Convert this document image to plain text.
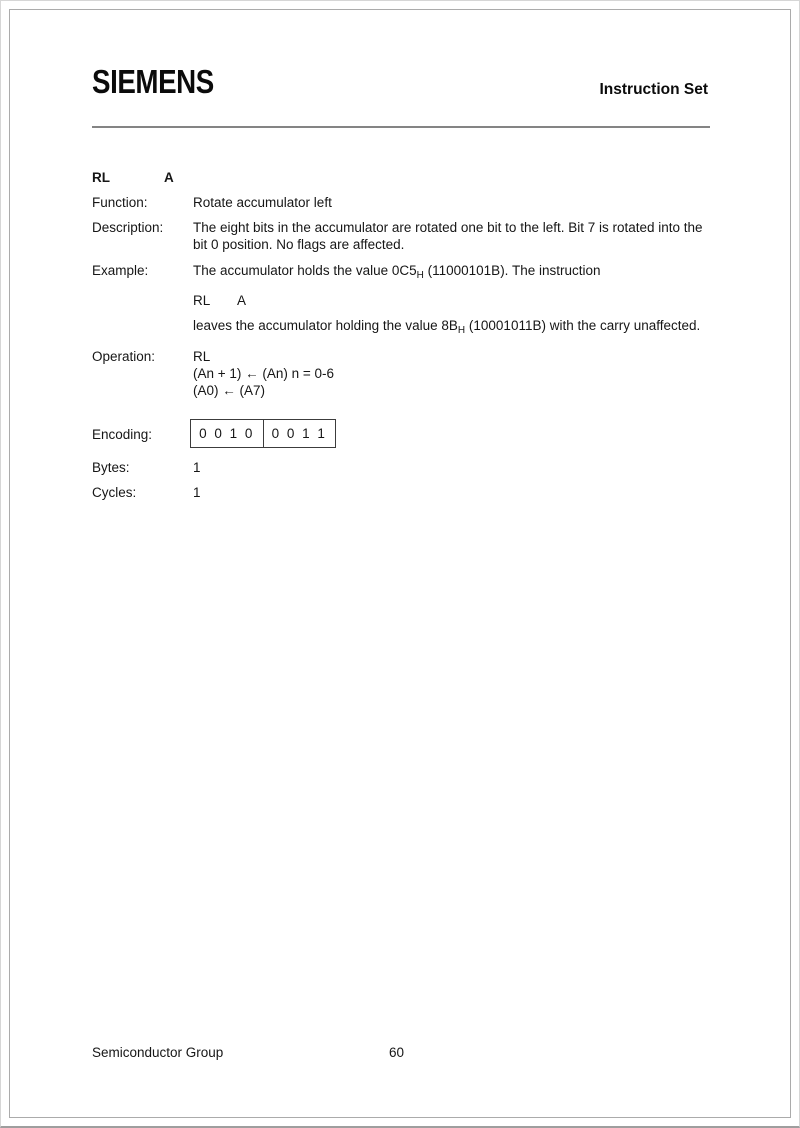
SIEMENS	Instruction Set
RL	A
Function:	Rotate accumulator left
Description:	The eight bits in the accumulator are rotated one bit to the left. Bit 7 is rotated into the bit 0 position. No flags are affected.
Example:	The accumulator holds the value $0C5_H$ (11000101B). The instruction
RL A
leaves the accumulator holding the value $8B_H$ (10001011B) with the carry unaffected.
Operation:	RL
(An + 1) ← (An) n = 0-6
(A0) ← (A7)
Encoding:	0 0 1 0	0 0 1 1
Bytes:	1
Cycles:	1
Semiconductor Group	60
